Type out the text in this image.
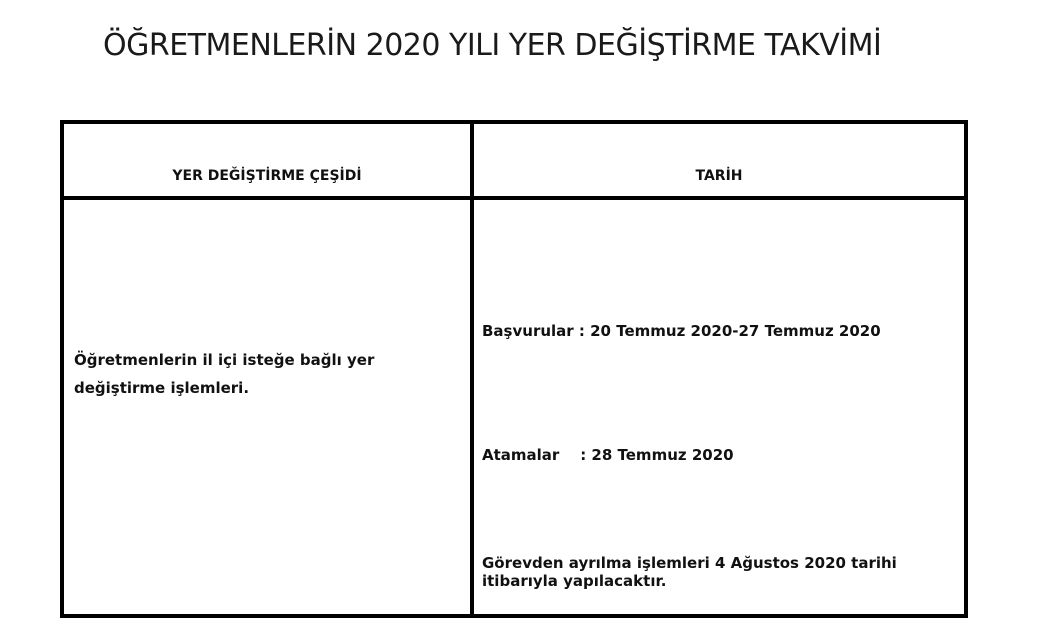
ÖĞRETMENLERİN 2020 YILI YER DEĞİŞTİRME TAKVİMİ
YER DEĞİŞTİRME ÇEŞİDİ	TARİH
Öğretmenlerin il içi isteğe bağlı yer değiştirme işlemleri.
Başvurular : 20 Temmuz 2020-27 Temmuz 2020
Atamalar    : 28 Temmuz 2020
Görevden ayrılma işlemleri 4 Ağustos 2020 tarihi itibarıyla yapılacaktır.
